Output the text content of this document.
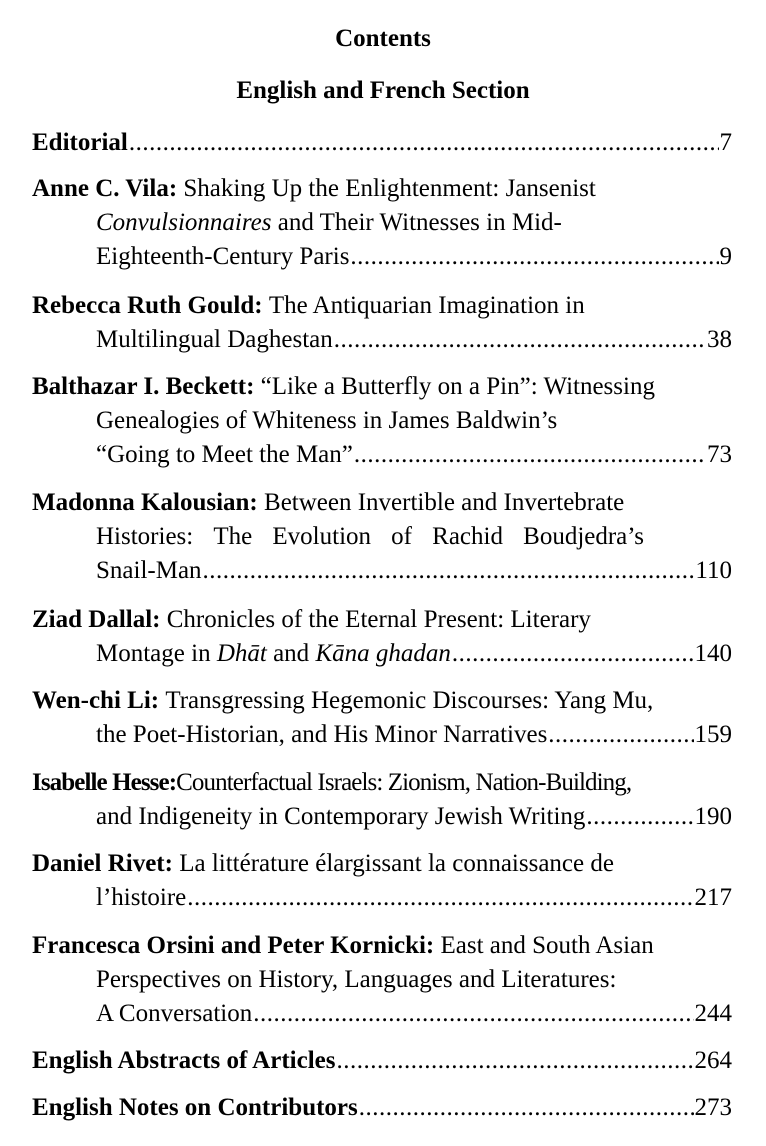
Contents
English and French Section
Editorial .....	7
Anne C. Vila:
Shaking Up the Enlightenment: Jansenist
Convulsionnaires
and Their Witnesses in Mid-
Eighteenth-Century Paris .....	9
Rebecca Ruth Gould:
The Antiquarian Imagination in
Multilingual Daghestan .....	38
Balthazar I. Beckett:
“Like a Butterfly on a Pin”: Witnessing
Genealogies of Whiteness in James Baldwin’s
“Going to Meet the Man” .....	73
Madonna Kalousian:
Between Invertible and Invertebrate
Histories: The Evolution of Rachid Boudjedra’s
Snail-Man .....	110
Ziad Dallal:
Chronicles of the Eternal Present: Literary
Montage in
Dhāt
and
Kāna ghadan .....	140
Wen-chi Li:
Transgressing Hegemonic Discourses: Yang Mu,
the Poet-Historian, and His Minor Narratives .....	159
Isabelle Hesse: Counterfactual Israels: Zionism, Nation-Building,
and Indigeneity in Contemporary Jewish Writing .....	190
Daniel Rivet:
La littérature élargissant la connaissance de
l’histoire .....	217
Francesca Orsini and Peter Kornicki:
East and South Asian
Perspectives on History, Languages and Literatures:
A Conversation .....	244
English Abstracts of Articles .....	264
English Notes on Contributors .....	273
